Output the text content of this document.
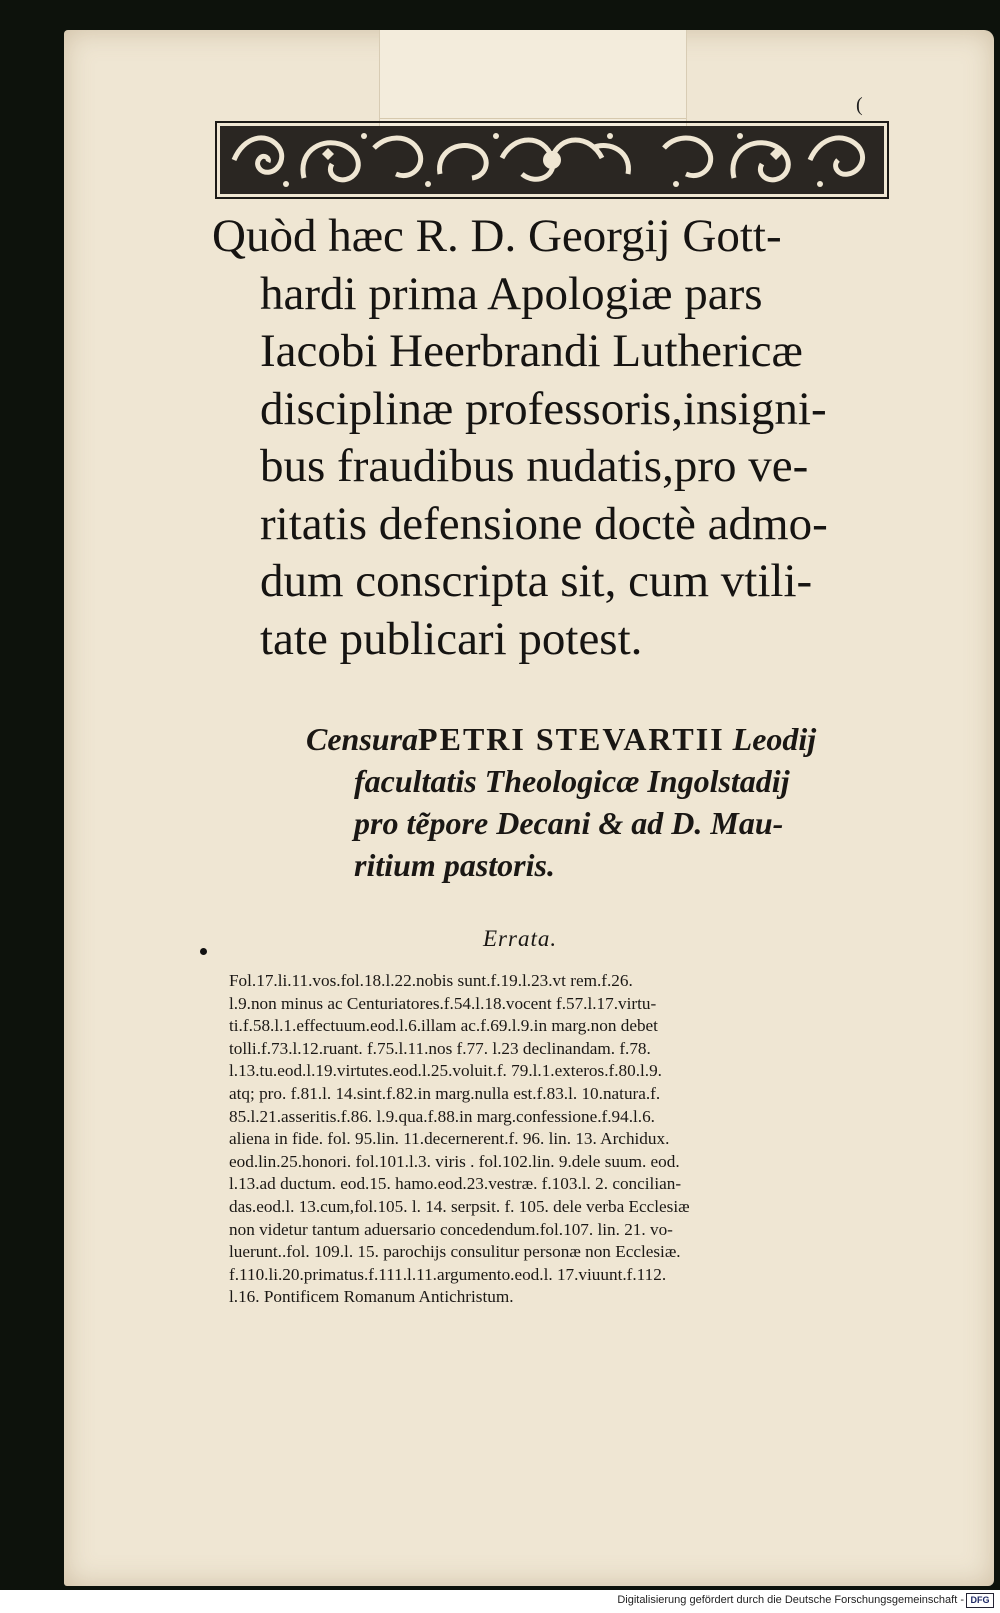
(
Quòd hæc R. D. Georgij Gott-
hardi prima Apologiæ pars
Iacobi Heerbrandi Luthericæ
disciplinæ professoris,insigni-
bus fraudibus nudatis,pro ve-
ritatis defensione doctè admo-
dum conscripta sit, cum vtili-
tate publicari potest.
CensuraPETRI STEVARTII Leodij
facultatis Theologicæ Ingolstadij
pro tẽpore Decani & ad D. Mau-
ritium pastoris.
Errata.
Fol.17.li.11.vos.fol.18.l.22.nobis sunt.f.19.l.23.vt rem.f.26.
l.9.non minus ac Centuriatores.f.54.l.18.vocent f.57.l.17.virtu-
ti.f.58.l.1.effectuum.eod.l.6.illam ac.f.69.l.9.in marg.non debet
tolli.f.73.l.12.ruant. f.75.l.11.nos f.77. l.23 declinandam. f.78.
l.13.tu.eod.l.19.virtutes.eod.l.25.voluit.f. 79.l.1.exteros.f.80.l.9.
atq; pro. f.81.l. 14.sint.f.82.in marg.nulla est.f.83.l. 10.natura.f.
85.l.21.asseritis.f.86. l.9.qua.f.88.in marg.confessione.f.94.l.6.
aliena in fide. fol. 95.lin. 11.decernerent.f. 96. lin. 13. Archidux.
eod.lin.25.honori. fol.101.l.3. viris . fol.102.lin. 9.dele suum. eod.
l.13.ad ductum. eod.15. hamo.eod.23.vestræ. f.103.l. 2. concilian-
das.eod.l. 13.cum,fol.105. l. 14. serpsit. f. 105. dele verba Ecclesiæ
non videtur tantum aduersario concedendum.fol.107. lin. 21. vo-
luerunt..fol. 109.l. 15. parochijs consulitur personæ non Ecclesiæ.
f.110.li.20.primatus.f.111.l.11.argumento.eod.l. 17.viuunt.f.112.
l.16. Pontificem Romanum Antichristum.
Digitalisierung gefördert durch die Deutsche Forschungsgemeinschaft - DFG
